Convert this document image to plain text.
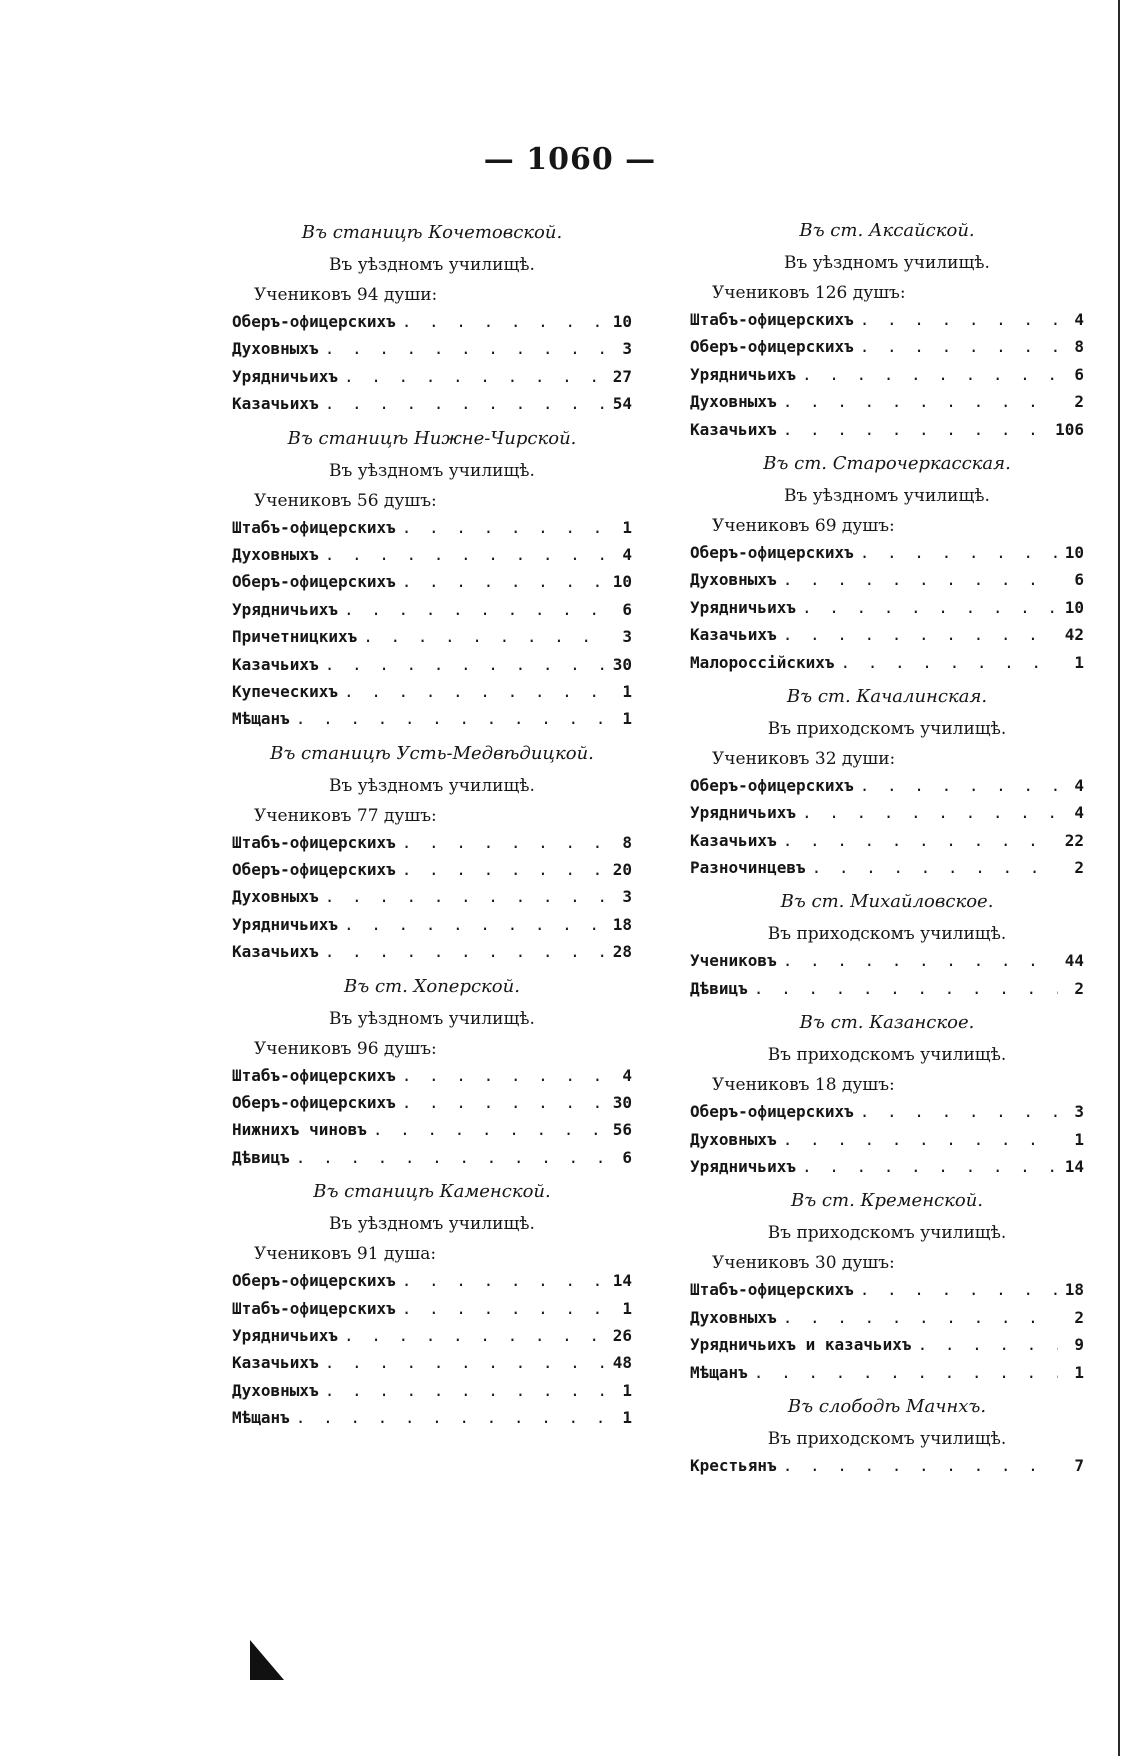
— 1060 —
Въ станицѣ Кочетовской.
Въ уѣздномъ училищѣ.
Учениковъ 94 души:
Оберъ-офицерскихъ . . .	10
Духовныхъ . . .	3
Урядничьихъ . . .	27
Казачьихъ . . .	54
Въ станицѣ Нижне-Чирской.
Въ уѣздномъ училищѣ.
Учениковъ 56 душъ:
Штабъ-офицерскихъ . . .	1
Духовныхъ . . .	4
Оберъ-офицерскихъ . . .	10
Урядничьихъ . . .	6
Причетницкихъ . . .	3
Казачьихъ . . .	30
Купеческихъ . . .	1
Мѣщанъ . . .	1
Въ станицѣ Усть-Медвѣдицкой.
Въ уѣздномъ училищѣ.
Учениковъ 77 душъ:
Штабъ-офицерскихъ . . .	8
Оберъ-офицерскихъ . . .	20
Духовныхъ . . .	3
Урядничьихъ . . .	18
Казачьихъ . . .	28
Въ ст. Хоперской.
Въ уѣздномъ училищѣ.
Учениковъ 96 душъ:
Штабъ-офицерскихъ . . .	4
Оберъ-офицерскихъ . . .	30
Нижнихъ чиновъ . . .	56
Дѣвицъ . . .	6
Въ станицѣ Каменской.
Въ уѣздномъ училищѣ.
Учениковъ 91 душа:
Оберъ-офицерскихъ . . .	14
Штабъ-офицерскихъ . . .	1
Урядничьихъ . . .	26
Казачьихъ . . .	48
Духовныхъ . . .	1
Мѣщанъ . . .	1
Въ ст. Аксайской.
Въ уѣздномъ училищѣ.
Учениковъ 126 душъ:
Штабъ-офицерскихъ . . .	4
Оберъ-офицерскихъ . . .	8
Урядничьихъ . . .	6
Духовныхъ . . .	2
Казачьихъ . . .	106
Въ ст. Старочеркасская.
Въ уѣздномъ училищѣ.
Учениковъ 69 душъ:
Оберъ-офицерскихъ . . .	10
Духовныхъ . . .	6
Урядничьихъ . . .	10
Казачьихъ . . .	42
Малороссійскихъ . . .	1
Въ ст. Качалинская.
Въ приходскомъ училищѣ.
Учениковъ 32 души:
Оберъ-офицерскихъ . . .	4
Урядничьихъ . . .	4
Казачьихъ . . .	22
Разночинцевъ . . .	2
Въ ст. Михайловское.
Въ приходскомъ училищѣ.
Учениковъ . . .	44
Дѣвицъ . . .	2
Въ ст. Казанское.
Въ приходскомъ училищѣ.
Учениковъ 18 душъ:
Оберъ-офицерскихъ . . .	3
Духовныхъ . . .	1
Урядничьихъ . . .	14
Въ ст. Кременской.
Въ приходскомъ училищѣ.
Учениковъ 30 душъ:
Штабъ-офицерскихъ . . .	18
Духовныхъ . . .	2
Урядничьихъ и казачьихъ . . .	9
Мѣщанъ . . .	1
Въ слободѣ Мачнхъ.
Въ приходскомъ училищѣ.
Крестьянъ . . .	7
